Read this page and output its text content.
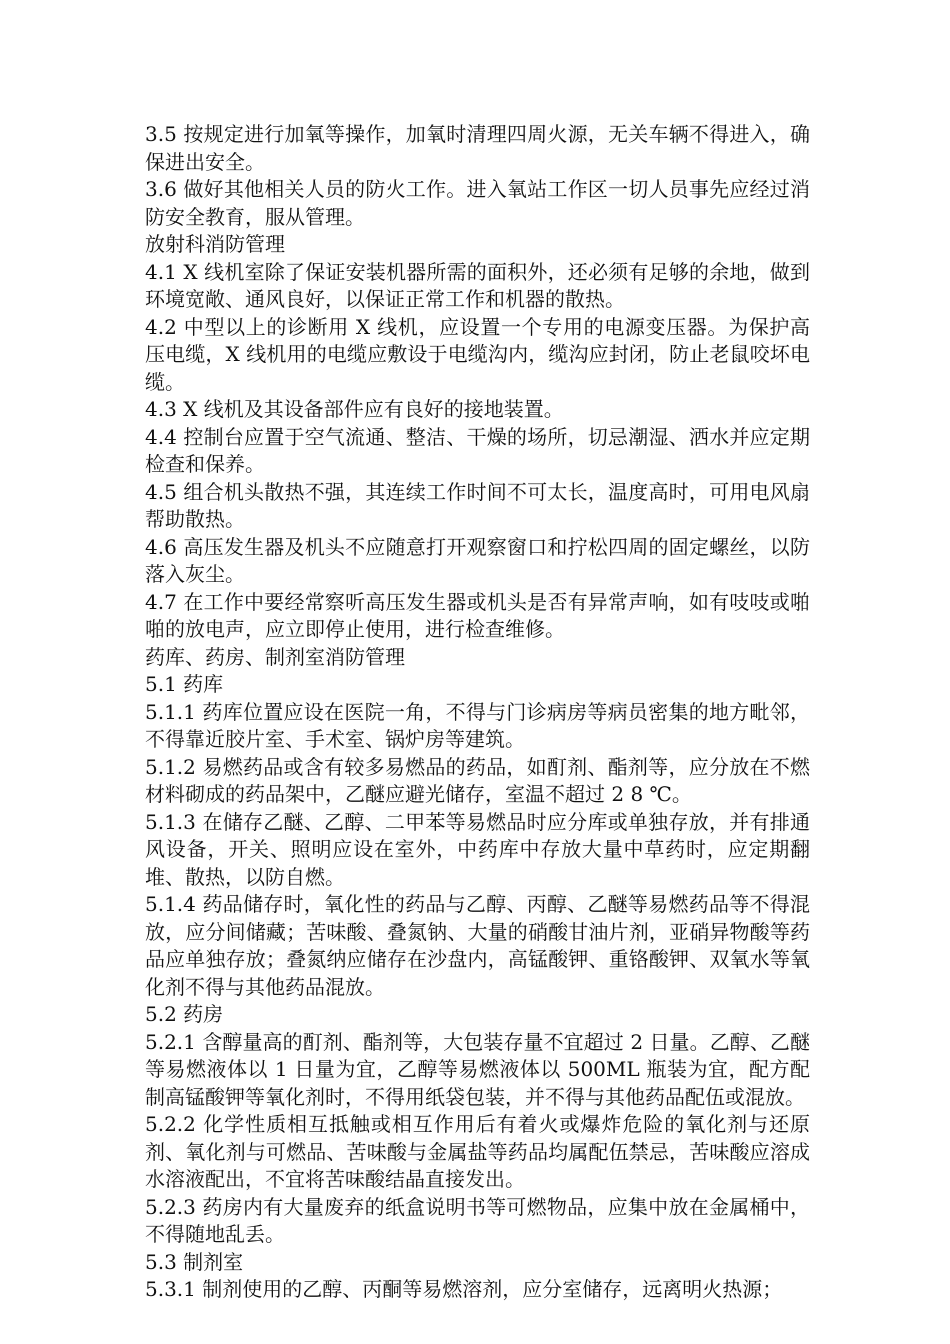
3.5 按规定进行加氧等操作，加氧时清理四周火源，无关车辆不得进入，确保进出安全。

3.6 做好其他相关人员的防火工作。进入氧站工作区一切人员事先应经过消防安全教育，服从管理。

放射科消防管理

4.1 X 线机室除了保证安装机器所需的面积外，还必须有足够的余地，做到环境宽敞、通风良好，以保证正常工作和机器的散热。

4.2 中型以上的诊断用 X 线机，应设置一个专用的电源变压器。为保护高压电缆，X 线机用的电缆应敷设于电缆沟内，缆沟应封闭，防止老鼠咬坏电缆。

4.3 X 线机及其设备部件应有良好的接地装置。

4.4 控制台应置于空气流通、整洁、干燥的场所，切忌潮湿、洒水并应定期检查和保养。

4.5 组合机头散热不强，其连续工作时间不可太长，温度高时，可用电风扇帮助散热。

4.6 高压发生器及机头不应随意打开观察窗口和拧松四周的固定螺丝，以防落入灰尘。

4.7 在工作中要经常察听高压发生器或机头是否有异常声响，如有吱吱或啪啪的放电声，应立即停止使用，进行检查维修。

药库、药房、制剂室消防管理

5.1 药库

5.1.1 药库位置应设在医院一角，不得与门诊病房等病员密集的地方毗邻，不得靠近胶片室、手术室、锅炉房等建筑。

5.1.2 易燃药品或含有较多易燃品的药品，如酊剂、酯剂等，应分放在不燃材料砌成的药品架中，乙醚应避光储存，室温不超过 2 8 ℃。

5.1.3 在储存乙醚、乙醇、二甲苯等易燃品时应分库或单独存放，并有排通风设备，开关、照明应设在室外，中药库中存放大量中草药时，应定期翻堆、散热，以防自燃。

5.1.4 药品储存时，氧化性的药品与乙醇、丙醇、乙醚等易燃药品等不得混放，应分间储藏；苦味酸、叠氮钠、大量的硝酸甘油片剂，亚硝异物酸等药品应单独存放；叠氮纳应储存在沙盘内，高锰酸钾、重铬酸钾、双氧水等氧化剂不得与其他药品混放。

5.2 药房

5.2.1 含醇量高的酊剂、酯剂等，大包装存量不宜超过 2 日量。乙醇、乙醚等易燃液体以 1 日量为宜，乙醇等易燃液体以 500ML 瓶装为宜，配方配制高锰酸钾等氧化剂时，不得用纸袋包装，并不得与其他药品配伍或混放。

5.2.2 化学性质相互抵触或相互作用后有着火或爆炸危险的氧化剂与还原剂、氧化剂与可燃品、苦味酸与金属盐等药品均属配伍禁忌，苦味酸应溶成水溶液配出，不宜将苦味酸结晶直接发出。

5.2.3 药房内有大量废弃的纸盒说明书等可燃物品，应集中放在金属桶中，不得随地乱丢。

5.3 制剂室

5.3.1 制剂使用的乙醇、丙酮等易燃溶剂，应分室储存，远离明火热源；
